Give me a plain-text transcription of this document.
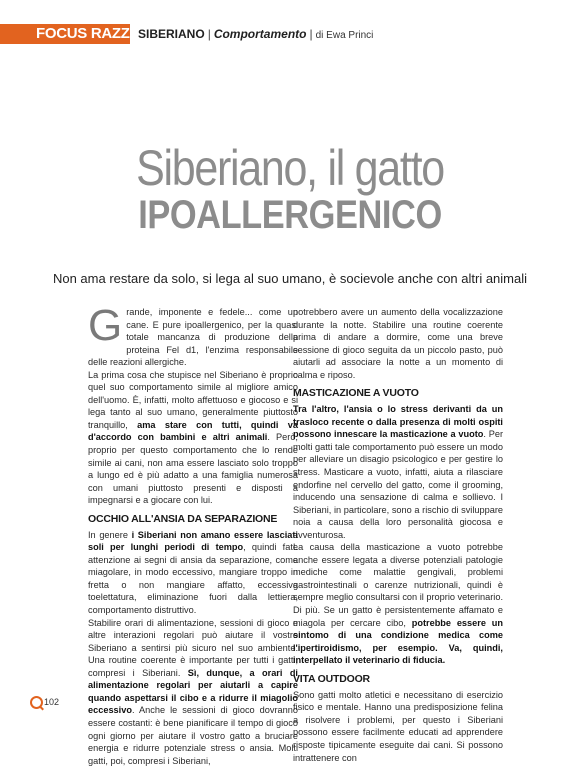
FOCUS RAZZE
SIBERIANO | Comportamento | di Ewa Princi
Siberiano, il gatto
IPOALLERGENICO
Non ama restare da solo, si lega al suo umano, è socievole anche con altri animali

Grande, imponente e fedele... come un cane. E pure ipoallergenico, per la quasi totale mancanza di produzione della proteina Fel d1, l'enzima responsabile delle reazioni allergiche.

La prima cosa che stupisce nel Siberiano è proprio quel suo comportamento simile al migliore amico dell'uomo. È, infatti, molto affettuoso e giocoso e si lega tanto al suo umano, generalmente piuttosto tranquillo, ama stare con tutti, quindi va d'accordo con bambini e altri animali. Però, proprio per questo comportamento che lo rende simile ai cani, non ama essere lasciato solo troppo a lungo ed è più adatto a una famiglia numerosa con umani piuttosto presenti e disposti a impegnarsi e a giocare con lui.

OCCHIO ALL'ANSIA DA SEPARAZIONE

In genere i Siberiani non amano essere lasciati soli per lunghi periodi di tempo, quindi fate attenzione ai segni di ansia da separazione, come miagolare, in modo eccessivo, mangiare troppo in fretta o non mangiare affatto, eccessiva toelettatura, eliminazione fuori dalla lettiera, comportamento distruttivo.

Stabilire orari di alimentazione, sessioni di gioco e altre interazioni regolari può aiutare il vostro Siberiano a sentirsi più sicuro nel suo ambiente. Una routine coerente è importante per tutti i gatti, compresi i Siberiani. Sì, dunque, a orari di alimentazione regolari per aiutarli a capire quando aspettarsi il cibo e a ridurre il miagolio eccessivo. Anche le sessioni di gioco dovranno essere costanti: è bene pianificare il tempo di gioco ogni giorno per aiutare il vostro gatto a bruciare energia e ridurre potenziale stress o ansia. Molti gatti, poi, compresi i Siberiani,

potrebbero avere un aumento della vocalizzazione durante la notte. Stabilire una routine coerente prima di andare a dormire, come una breve sessione di gioco seguita da un piccolo pasto, può aiutarli ad associare la notte a un momento di calma e riposo.

MASTICAZIONE A VUOTO

Tra l'altro, l'ansia o lo stress derivanti da un trasloco recente o dalla presenza di molti ospiti possono innescare la masticazione a vuoto. Per molti gatti tale comportamento può essere un modo per alleviare un disagio psicologico e per gestire lo stress. Masticare a vuoto, infatti, aiuta a rilasciare endorfine nel cervello del gatto, come il grooming, inducendo una sensazione di calma e sollievo. I Siberiani, in particolare, sono a rischio di sviluppare noia a causa della loro personalità giocosa e avventurosa.

La causa della masticazione a vuoto potrebbe anche essere legata a diverse potenziali patologie mediche come malattie gengivali, problemi gastrointestinali o carenze nutrizionali, quindi è sempre meglio consultarsi con il proprio veterinario. Di più. Se un gatto è persistentemente affamato e miagola per cercare cibo, potrebbe essere un sintomo di una condizione medica come l'ipertiroidismo, per esempio. Va, quindi, interpellato il veterinario di fiducia.

VITA OUTDOOR

Sono gatti molto atletici e necessitano di esercizio fisico e mentale. Hanno una predisposizione felina a risolvere i problemi, per questo i Siberiani possono essere facilmente educati ad apprendere risposte tipicamente eseguite dai cani. Si possono intrattenere con

102
